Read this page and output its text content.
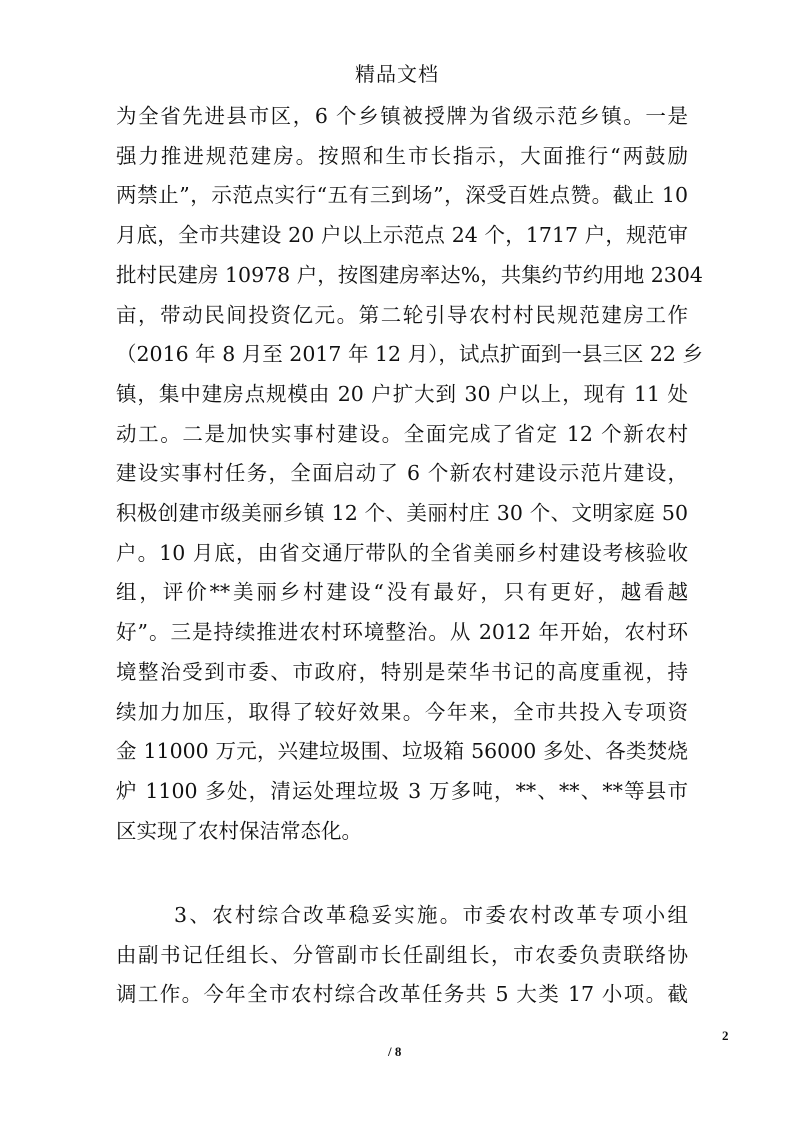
精品文档
为全省先进县市区，6 个乡镇被授牌为省级示范乡镇。一是
强力推进规范建房。按照和生市长指示，大面推行“两鼓励
两禁止”，示范点实行“五有三到场”，深受百姓点赞。截止 10
月底，全市共建设 20 户以上示范点 24 个，1717 户，规范审
批村民建房 10978 户，按图建房率达%，共集约节约用地 2304
亩，带动民间投资亿元。第二轮引导农村村民规范建房工作
（2016 年 8 月至 2017 年 12 月），试点扩面到一县三区 22 乡
镇，集中建房点规模由 20 户扩大到 30 户以上，现有 11 处
动工。二是加快实事村建设。全面完成了省定 12 个新农村
建设实事村任务，全面启动了 6 个新农村建设示范片建设，
积极创建市级美丽乡镇 12 个、美丽村庄 30 个、文明家庭 50
户。10 月底，由省交通厅带队的全省美丽乡村建设考核验收
组，评价**美丽乡村建设“没有最好，只有更好，越看越
好”。三是持续推进农村环境整治。从 2012 年开始，农村环
境整治受到市委、市政府，特别是荣华书记的高度重视，持
续加力加压，取得了较好效果。今年来，全市共投入专项资
金 11000 万元，兴建垃圾围、垃圾箱 56000 多处、各类焚烧
炉 1100 多处，清运处理垃圾 3 万多吨，**、**、**等县市
区实现了农村保洁常态化。
3、农村综合改革稳妥实施。市委农村改革专项小组
由副书记任组长、分管副市长任副组长，市农委负责联络协
调工作。今年全市农村综合改革任务共 5 大类 17 小项。截
2
/ 8
